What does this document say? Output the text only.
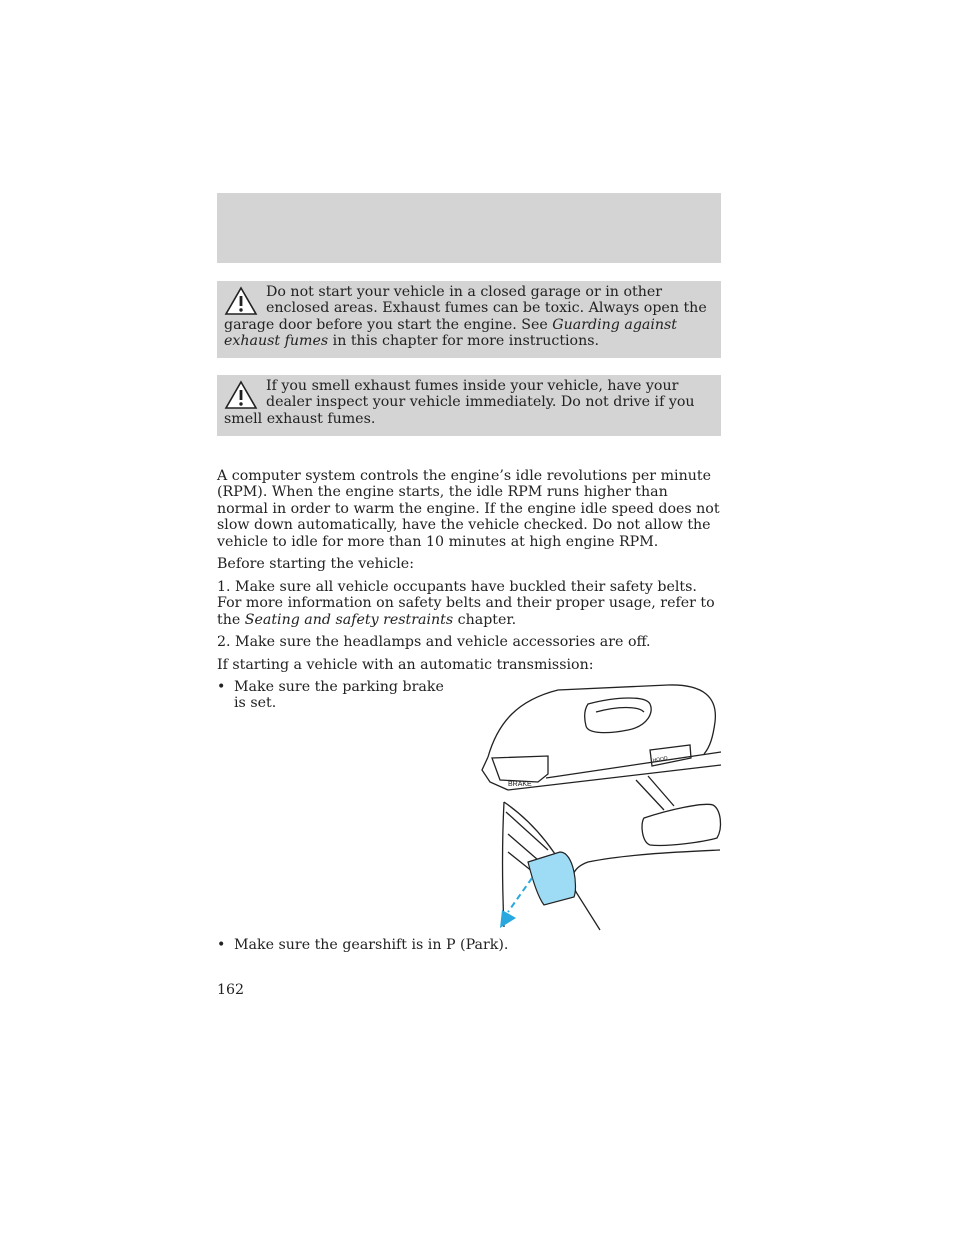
Do not start your vehicle in a closed garage or in other enclosed areas. Exhaust fumes can be toxic. Always open the garage door before you start the engine. See Guarding against exhaust fumes in this chapter for more instructions.
If you smell exhaust fumes inside your vehicle, have your dealer inspect your vehicle immediately. Do not drive if you smell exhaust fumes.

A computer system controls the engine’s idle revolutions per minute (RPM). When the engine starts, the idle RPM runs higher than normal in order to warm the engine. If the engine idle speed does not slow down automatically, have the vehicle checked. Do not allow the vehicle to idle for more than 10 minutes at high engine RPM.

Before starting the vehicle:

1. Make sure all vehicle occupants have buckled their safety belts. For more information on safety belts and their proper usage, refer to the Seating and safety restraints chapter.

2. Make sure the headlamps and vehicle accessories are off.

If starting a vehicle with an automatic transmission:

• Make sure the parking brake is set.
BRAKE
HOOD
• Make sure the gearshift is in P (Park).
162
